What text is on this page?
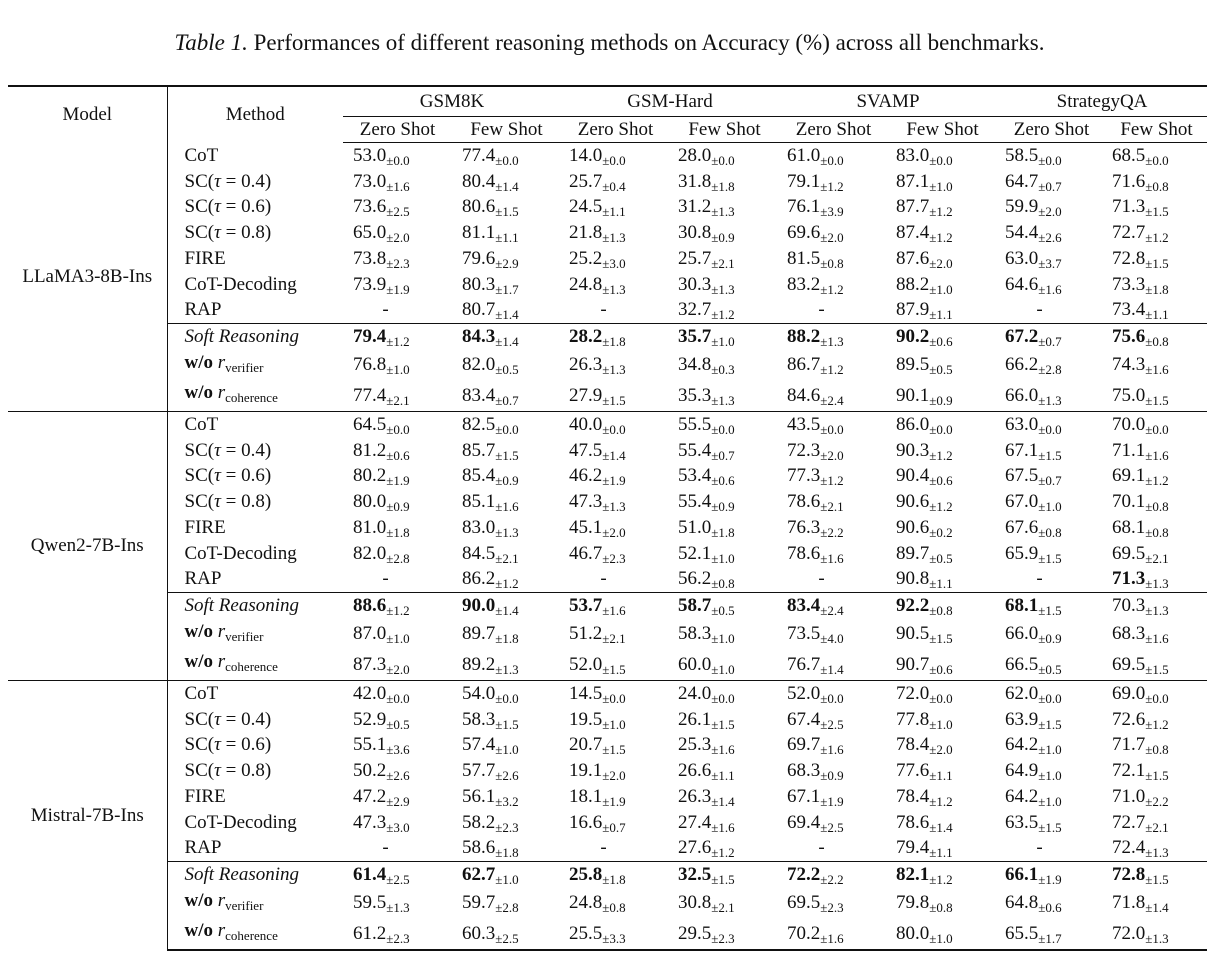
Table 1. Performances of different reasoning methods on Accuracy (%) across all benchmarks.
Model	Method	GSM8K		GSM-Hard		SVAMP		StrategyQA	
		Zero Shot	Few Shot	Zero Shot	Few Shot	Zero Shot	Few Shot	Zero Shot	Few Shot
LLaMA3-8B-Ins	CoT	$53.0_{\pm 0.0}$	$77.4_{\pm 0.0}$	$14.0_{\pm 0.0}$	$28.0_{\pm 0.0}$	$61.0_{\pm 0.0}$	$83.0_{\pm 0.0}$	$58.5_{\pm 0.0}$	$68.5_{\pm 0.0}$
	SC(τ = 0.4)	$73.0_{\pm 1.6}$	$80.4_{\pm 1.4}$	$25.7_{\pm 0.4}$	$31.8_{\pm 1.8}$	$79.1_{\pm 1.2}$	$87.1_{\pm 1.0}$	$64.7_{\pm 0.7}$	$71.6_{\pm 0.8}$
	SC(τ = 0.6)	$73.6_{\pm 2.5}$	$80.6_{\pm 1.5}$	$24.5_{\pm 1.1}$	$31.2_{\pm 1.3}$	$76.1_{\pm 3.9}$	$87.7_{\pm 1.2}$	$59.9_{\pm 2.0}$	$71.3_{\pm 1.5}$
	SC(τ = 0.8)	$65.0_{\pm 2.0}$	$81.1_{\pm 1.1}$	$21.8_{\pm 1.3}$	$30.8_{\pm 0.9}$	$69.6_{\pm 2.0}$	$87.4_{\pm 1.2}$	$54.4_{\pm 2.6}$	$72.7_{\pm 1.2}$
	FIRE	$73.8_{\pm 2.3}$	$79.6_{\pm 2.9}$	$25.2_{\pm 3.0}$	$25.7_{\pm 2.1}$	$81.5_{\pm 0.8}$	$87.6_{\pm 2.0}$	$63.0_{\pm 3.7}$	$72.8_{\pm 1.5}$
	CoT-Decoding	$73.9_{\pm 1.9}$	$80.3_{\pm 1.7}$	$24.8_{\pm 1.3}$	$30.3_{\pm 1.3}$	$83.2_{\pm 1.2}$	$88.2_{\pm 1.0}$	$64.6_{\pm 1.6}$	$73.3_{\pm 1.8}$
	RAP	-	$80.7_{\pm 1.4}$	-	$32.7_{\pm 1.2}$	-	$87.9_{\pm 1.1}$	-	$73.4_{\pm 1.1}$
	Soft Reasoning	$79.4_{\pm 1.2}$	$84.3_{\pm 1.4}$	$28.2_{\pm 1.8}$	$35.7_{\pm 1.0}$	$88.2_{\pm 1.3}$	$90.2_{\pm 0.6}$	$67.2_{\pm 0.7}$	$75.6_{\pm 0.8}$
	w/o $r_{verifier}$	$76.8_{\pm 1.0}$	$82.0_{\pm 0.5}$	$26.3_{\pm 1.3}$	$34.8_{\pm 0.3}$	$86.7_{\pm 1.2}$	$89.5_{\pm 0.5}$	$66.2_{\pm 2.8}$	$74.3_{\pm 1.6}$
	w/o $r_{coherence}$	$77.4_{\pm 2.1}$	$83.4_{\pm 0.7}$	$27.9_{\pm 1.5}$	$35.3_{\pm 1.3}$	$84.6_{\pm 2.4}$	$90.1_{\pm 0.9}$	$66.0_{\pm 1.3}$	$75.0_{\pm 1.5}$
Qwen2-7B-Ins	CoT	$64.5_{\pm 0.0}$	$82.5_{\pm 0.0}$	$40.0_{\pm 0.0}$	$55.5_{\pm 0.0}$	$43.5_{\pm 0.0}$	$86.0_{\pm 0.0}$	$63.0_{\pm 0.0}$	$70.0_{\pm 0.0}$
	SC(τ = 0.4)	$81.2_{\pm 0.6}$	$85.7_{\pm 1.5}$	$47.5_{\pm 1.4}$	$55.4_{\pm 0.7}$	$72.3_{\pm 2.0}$	$90.3_{\pm 1.2}$	$67.1_{\pm 1.5}$	$71.1_{\pm 1.6}$
	SC(τ = 0.6)	$80.2_{\pm 1.9}$	$85.4_{\pm 0.9}$	$46.2_{\pm 1.9}$	$53.4_{\pm 0.6}$	$77.3_{\pm 1.2}$	$90.4_{\pm 0.6}$	$67.5_{\pm 0.7}$	$69.1_{\pm 1.2}$
	SC(τ = 0.8)	$80.0_{\pm 0.9}$	$85.1_{\pm 1.6}$	$47.3_{\pm 1.3}$	$55.4_{\pm 0.9}$	$78.6_{\pm 2.1}$	$90.6_{\pm 1.2}$	$67.0_{\pm 1.0}$	$70.1_{\pm 0.8}$
	FIRE	$81.0_{\pm 1.8}$	$83.0_{\pm 1.3}$	$45.1_{\pm 2.0}$	$51.0_{\pm 1.8}$	$76.3_{\pm 2.2}$	$90.6_{\pm 0.2}$	$67.6_{\pm 0.8}$	$68.1_{\pm 0.8}$
	CoT-Decoding	$82.0_{\pm 2.8}$	$84.5_{\pm 2.1}$	$46.7_{\pm 2.3}$	$52.1_{\pm 1.0}$	$78.6_{\pm 1.6}$	$89.7_{\pm 0.5}$	$65.9_{\pm 1.5}$	$69.5_{\pm 2.1}$
	RAP	-	$86.2_{\pm 1.2}$	-	$56.2_{\pm 0.8}$	-	$90.8_{\pm 1.1}$	-	$71.3_{\pm 1.3}$
	Soft Reasoning	$88.6_{\pm 1.2}$	$90.0_{\pm 1.4}$	$53.7_{\pm 1.6}$	$58.7_{\pm 0.5}$	$83.4_{\pm 2.4}$	$92.2_{\pm 0.8}$	$68.1_{\pm 1.5}$	$70.3_{\pm 1.3}$
	w/o $r_{verifier}$	$87.0_{\pm 1.0}$	$89.7_{\pm 1.8}$	$51.2_{\pm 2.1}$	$58.3_{\pm 1.0}$	$73.5_{\pm 4.0}$	$90.5_{\pm 1.5}$	$66.0_{\pm 0.9}$	$68.3_{\pm 1.6}$
	w/o $r_{coherence}$	$87.3_{\pm 2.0}$	$89.2_{\pm 1.3}$	$52.0_{\pm 1.5}$	$60.0_{\pm 1.0}$	$76.7_{\pm 1.4}$	$90.7_{\pm 0.6}$	$66.5_{\pm 0.5}$	$69.5_{\pm 1.5}$
Mistral-7B-Ins	CoT	$42.0_{\pm 0.0}$	$54.0_{\pm 0.0}$	$14.5_{\pm 0.0}$	$24.0_{\pm 0.0}$	$52.0_{\pm 0.0}$	$72.0_{\pm 0.0}$	$62.0_{\pm 0.0}$	$69.0_{\pm 0.0}$
	SC(τ = 0.4)	$52.9_{\pm 0.5}$	$58.3_{\pm 1.5}$	$19.5_{\pm 1.0}$	$26.1_{\pm 1.5}$	$67.4_{\pm 2.5}$	$77.8_{\pm 1.0}$	$63.9_{\pm 1.5}$	$72.6_{\pm 1.2}$
	SC(τ = 0.6)	$55.1_{\pm 3.6}$	$57.4_{\pm 1.0}$	$20.7_{\pm 1.5}$	$25.3_{\pm 1.6}$	$69.7_{\pm 1.6}$	$78.4_{\pm 2.0}$	$64.2_{\pm 1.0}$	$71.7_{\pm 0.8}$
	SC(τ = 0.8)	$50.2_{\pm 2.6}$	$57.7_{\pm 2.6}$	$19.1_{\pm 2.0}$	$26.6_{\pm 1.1}$	$68.3_{\pm 0.9}$	$77.6_{\pm 1.1}$	$64.9_{\pm 1.0}$	$72.1_{\pm 1.5}$
	FIRE	$47.2_{\pm 2.9}$	$56.1_{\pm 3.2}$	$18.1_{\pm 1.9}$	$26.3_{\pm 1.4}$	$67.1_{\pm 1.9}$	$78.4_{\pm 1.2}$	$64.2_{\pm 1.0}$	$71.0_{\pm 2.2}$
	CoT-Decoding	$47.3_{\pm 3.0}$	$58.2_{\pm 2.3}$	$16.6_{\pm 0.7}$	$27.4_{\pm 1.6}$	$69.4_{\pm 2.5}$	$78.6_{\pm 1.4}$	$63.5_{\pm 1.5}$	$72.7_{\pm 2.1}$
	RAP	-	$58.6_{\pm 1.8}$	-	$27.6_{\pm 1.2}$	-	$79.4_{\pm 1.1}$	-	$72.4_{\pm 1.3}$
	Soft Reasoning	$61.4_{\pm 2.5}$	$62.7_{\pm 1.0}$	$25.8_{\pm 1.8}$	$32.5_{\pm 1.5}$	$72.2_{\pm 2.2}$	$82.1_{\pm 1.2}$	$66.1_{\pm 1.9}$	$72.8_{\pm 1.5}$
	w/o $r_{verifier}$	$59.5_{\pm 1.3}$	$59.7_{\pm 2.8}$	$24.8_{\pm 0.8}$	$30.8_{\pm 2.1}$	$69.5_{\pm 2.3}$	$79.8_{\pm 0.8}$	$64.8_{\pm 0.6}$	$71.8_{\pm 1.4}$
	w/o $r_{coherence}$	$61.2_{\pm 2.3}$	$60.3_{\pm 2.5}$	$25.5_{\pm 3.3}$	$29.5_{\pm 2.3}$	$70.2_{\pm 1.6}$	$80.0_{\pm 1.0}$	$65.5_{\pm 1.7}$	$72.0_{\pm 1.3}$
